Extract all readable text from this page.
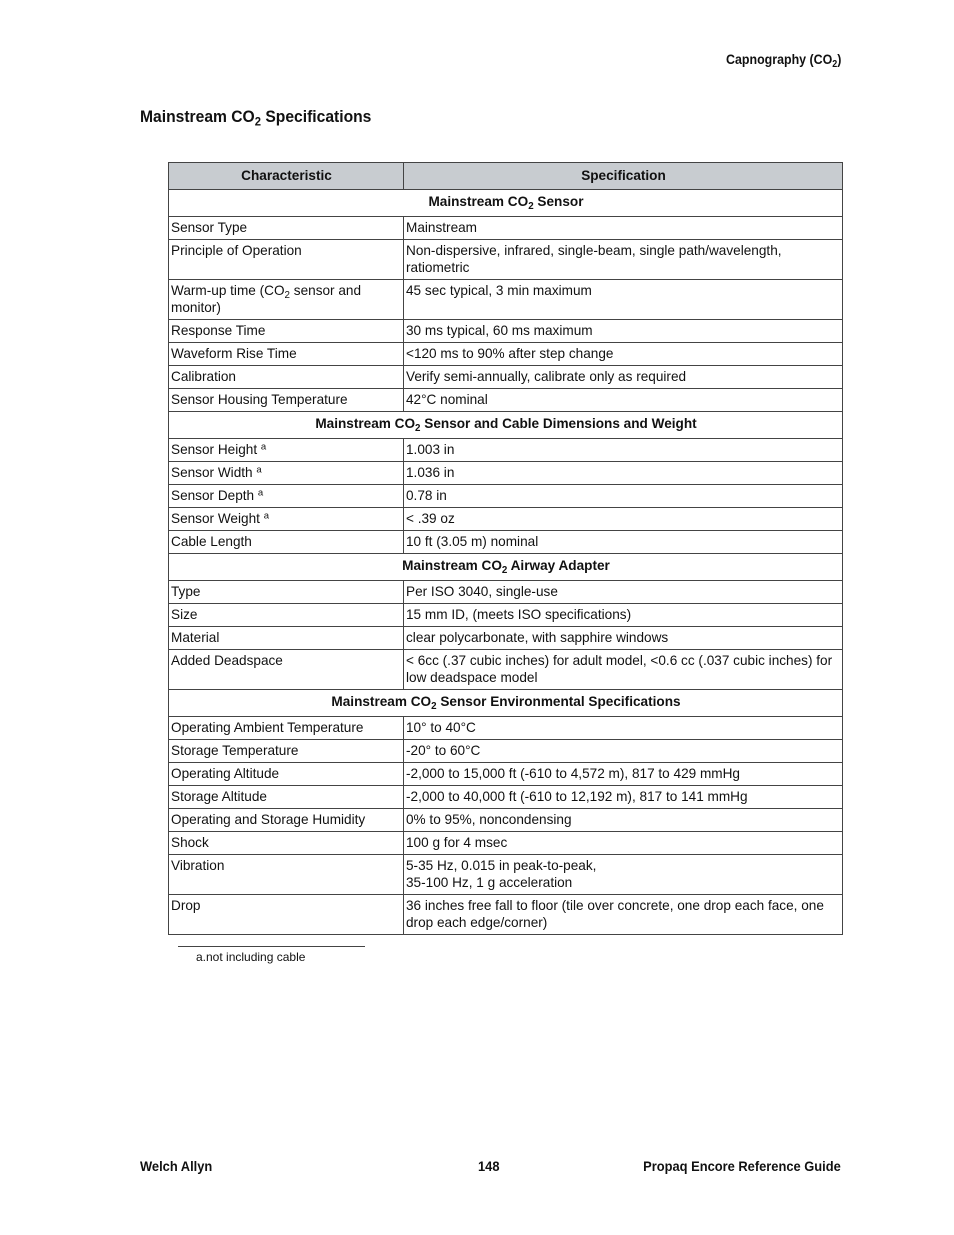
Capnography $(CO_2)$
Mainstream $CO_2$ Specifications
Characteristic	Specification
Mainstream $CO_2$ Sensor	
Sensor Type	Mainstream
Principle of Operation	Non-dispersive, infrared, single-beam, single path/wavelength, ratiometric
Warm-up time ($CO_2$ sensor and monitor)	45 sec typical, 3 min maximum
Response Time	30 ms typical, 60 ms maximum
Waveform Rise Time	<120 ms to 90% after step change
Calibration	Verify semi-annually, calibrate only as required
Sensor Housing Temperature	42°C nominal
Mainstream $CO_2$ Sensor and Cable Dimensions and Weight	
Sensor Height $^a$	1.003 in
Sensor Width $^a$	1.036 in
Sensor Depth $^a$	0.78 in
Sensor Weight $^a$	< .39 oz
Cable Length	10 ft (3.05 m) nominal
Mainstream $CO_2$ Airway Adapter	
Type	Per ISO 3040, single-use
Size	15 mm ID, (meets ISO specifications)
Material	clear polycarbonate, with sapphire windows
Added Deadspace	< 6cc (.37 cubic inches) for adult model, <0.6 cc (.037 cubic inches) for low deadspace model
Mainstream $CO_2$ Sensor Environmental Specifications	
Operating Ambient Temperature	10° to 40°C
Storage Temperature	-20° to 60°C
Operating Altitude	-2,000 to 15,000 ft (-610 to 4,572 m), 817 to 429 mmHg
Storage Altitude	-2,000 to 40,000 ft (-610 to 12,192 m), 817 to 141 mmHg
Operating and Storage Humidity	0% to 95%, noncondensing
Shock	100 g for 4 msec
Vibration	5-35 Hz, 0.015 in peak-to-peak,
35-100 Hz, 1 g acceleration
Drop	36 inches free fall to floor (tile over concrete, one drop each face, one drop each edge/corner)
a.not including cable
Welch Allyn	148	Propaq Encore Reference Guide
